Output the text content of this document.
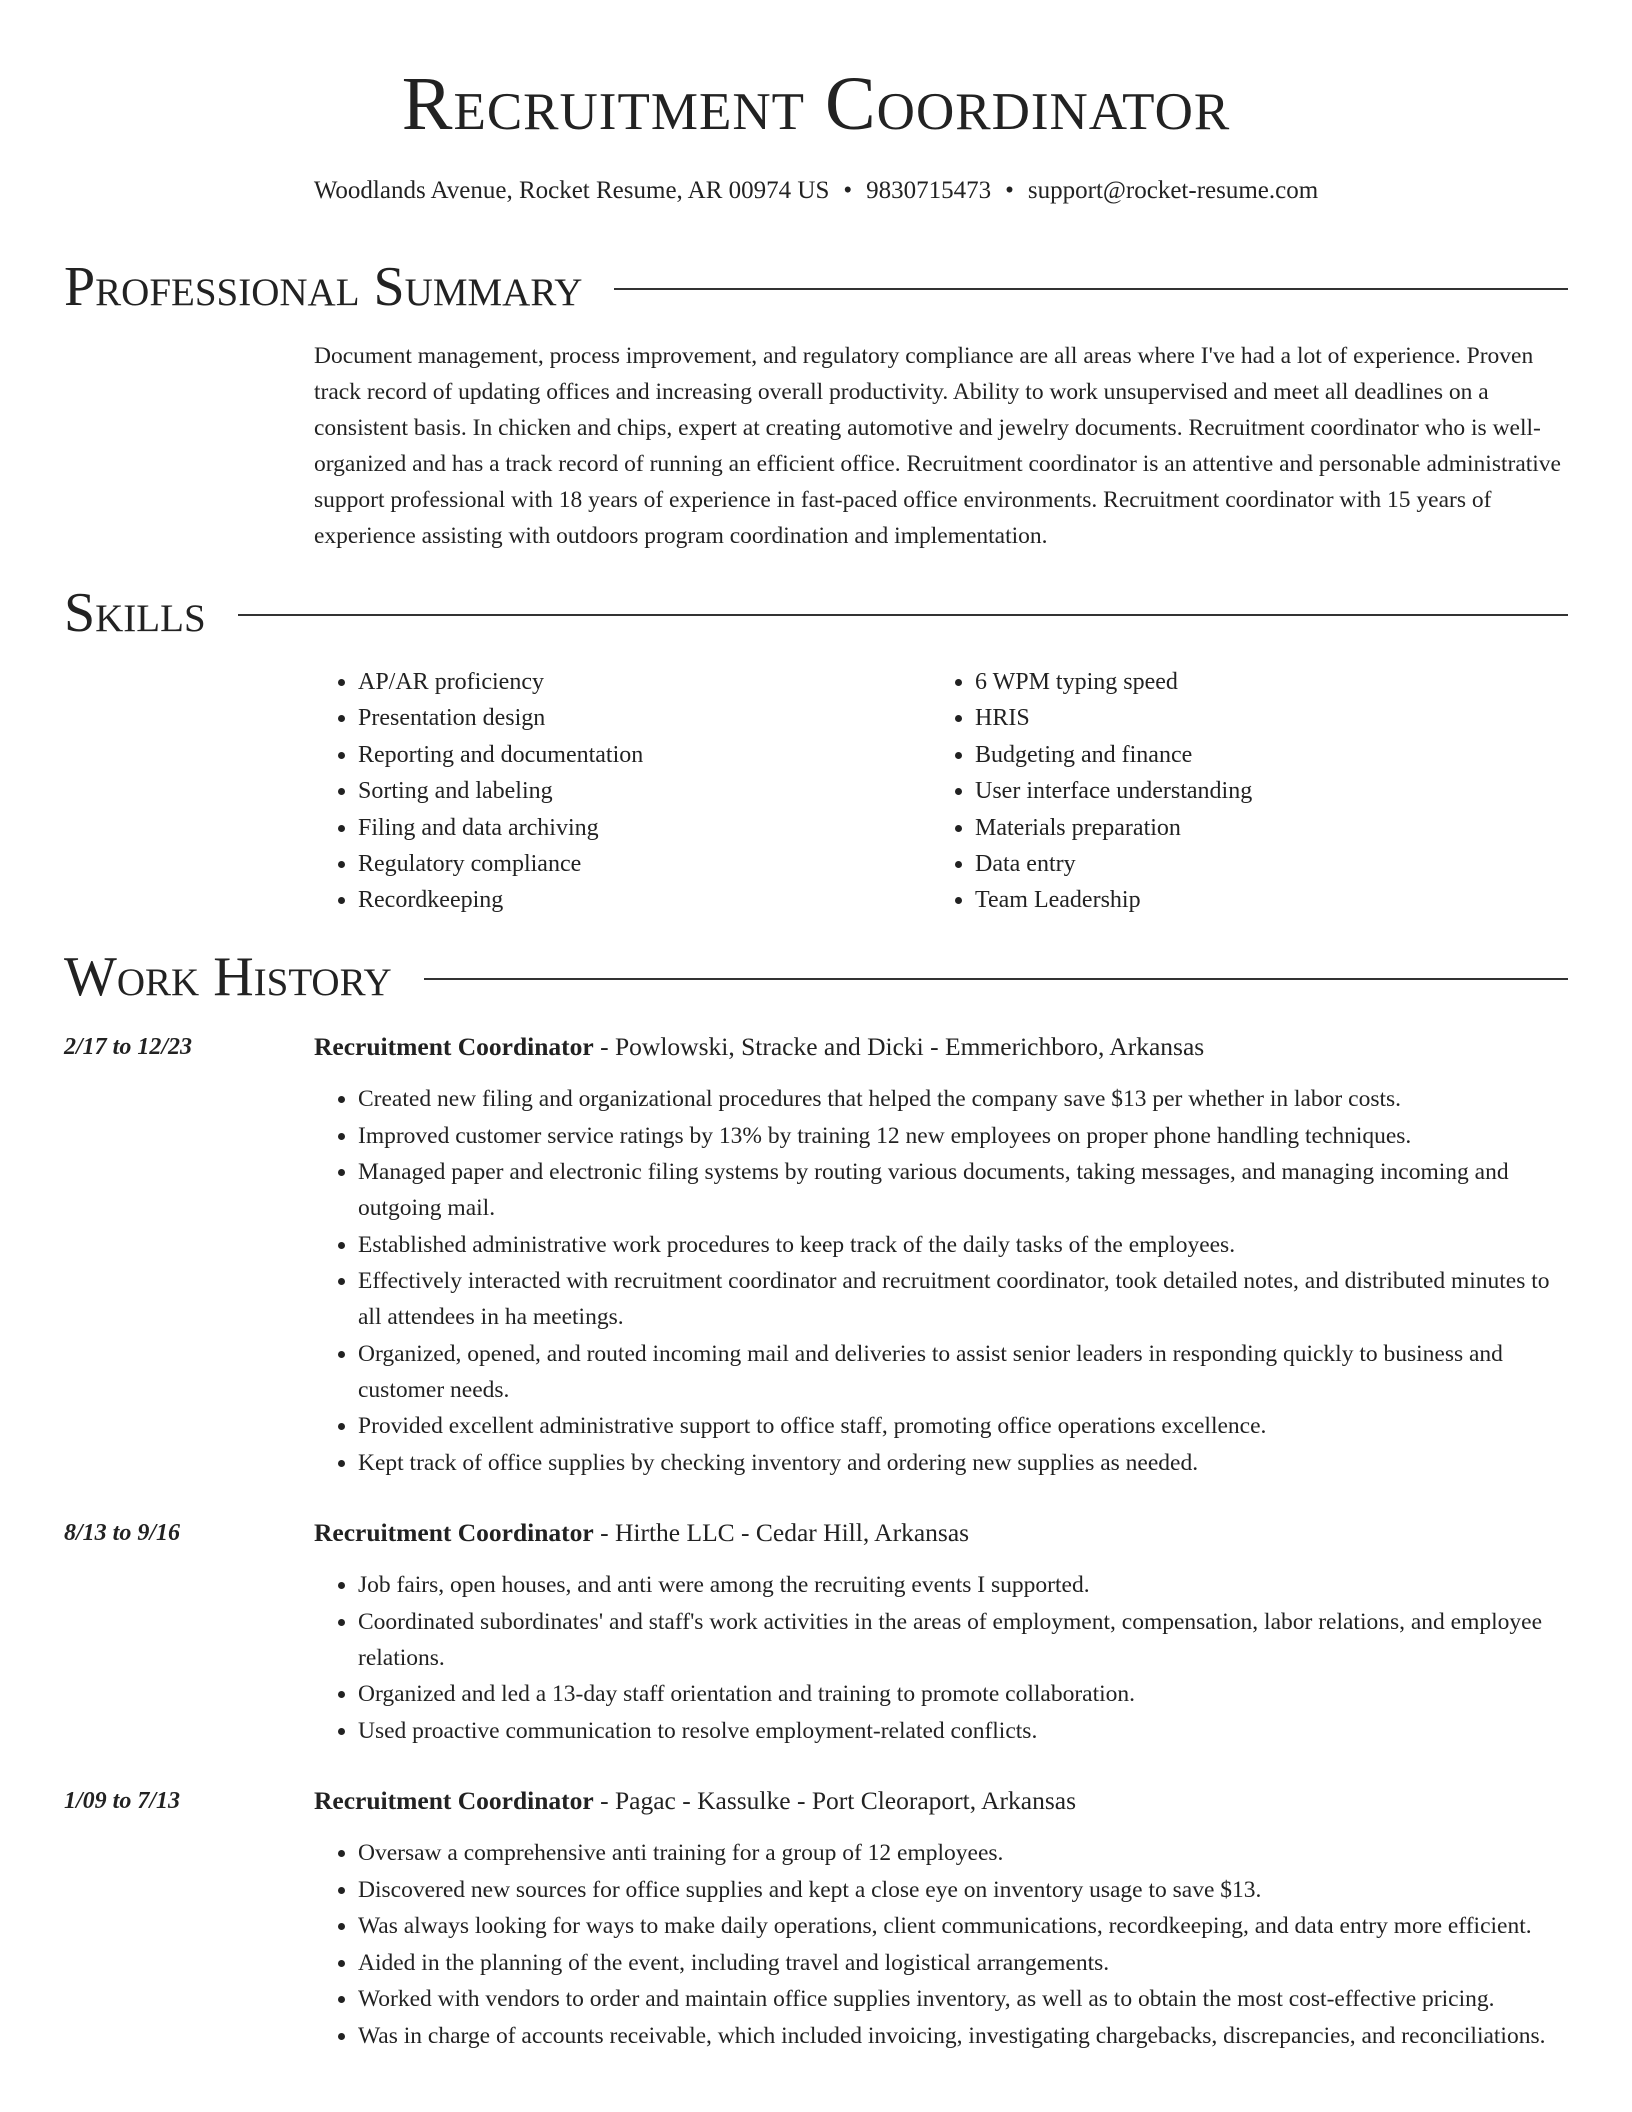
Recruitment Coordinator
Woodlands Avenue, Rocket Resume, AR 00974 US • 9830715473 • support@rocket-resume.com
Professional Summary

Document management, process improvement, and regulatory compliance are all areas where I've had a lot of experience. Proven track record of updating offices and increasing overall productivity. Ability to work unsupervised and meet all deadlines on a consistent basis. In chicken and chips, expert at creating automotive and jewelry documents. Recruitment coordinator who is well-organized and has a track record of running an efficient office. Recruitment coordinator is an attentive and personable administrative support professional with 18 years of experience in fast-paced office environments. Recruitment coordinator with 15 years of experience assisting with outdoors program coordination and implementation.

Skills
• AP/AR proficiency
• Presentation design
• Reporting and documentation
• Sorting and labeling
• Filing and data archiving
• Regulatory compliance
• Recordkeeping
• 6 WPM typing speed
• HRIS
• Budgeting and finance
• User interface understanding
• Materials preparation
• Data entry
• Team Leadership
Work History
2/17 to 12/23	Recruitment Coordinator - Powlowski, Stracke and Dicki - Emmerichboro, Arkansas
• Created new filing and organizational procedures that helped the company save $13 per whether in labor costs.
• Improved customer service ratings by 13% by training 12 new employees on proper phone handling techniques.
• Managed paper and electronic filing systems by routing various documents, taking messages, and managing incoming and outgoing mail.
• Established administrative work procedures to keep track of the daily tasks of the employees.
• Effectively interacted with recruitment coordinator and recruitment coordinator, took detailed notes, and distributed minutes to all attendees in ha meetings.
• Organized, opened, and routed incoming mail and deliveries to assist senior leaders in responding quickly to business and customer needs.
• Provided excellent administrative support to office staff, promoting office operations excellence.
• Kept track of office supplies by checking inventory and ordering new supplies as needed.
8/13 to 9/16	Recruitment Coordinator - Hirthe LLC - Cedar Hill, Arkansas
• Job fairs, open houses, and anti were among the recruiting events I supported.
• Coordinated subordinates' and staff's work activities in the areas of employment, compensation, labor relations, and employee relations.
• Organized and led a 13-day staff orientation and training to promote collaboration.
• Used proactive communication to resolve employment-related conflicts.
1/09 to 7/13	Recruitment Coordinator - Pagac - Kassulke - Port Cleoraport, Arkansas
• Oversaw a comprehensive anti training for a group of 12 employees.
• Discovered new sources for office supplies and kept a close eye on inventory usage to save $13.
• Was always looking for ways to make daily operations, client communications, recordkeeping, and data entry more efficient.
• Aided in the planning of the event, including travel and logistical arrangements.
• Worked with vendors to order and maintain office supplies inventory, as well as to obtain the most cost-effective pricing.
• Was in charge of accounts receivable, which included invoicing, investigating chargebacks, discrepancies, and reconciliations.
